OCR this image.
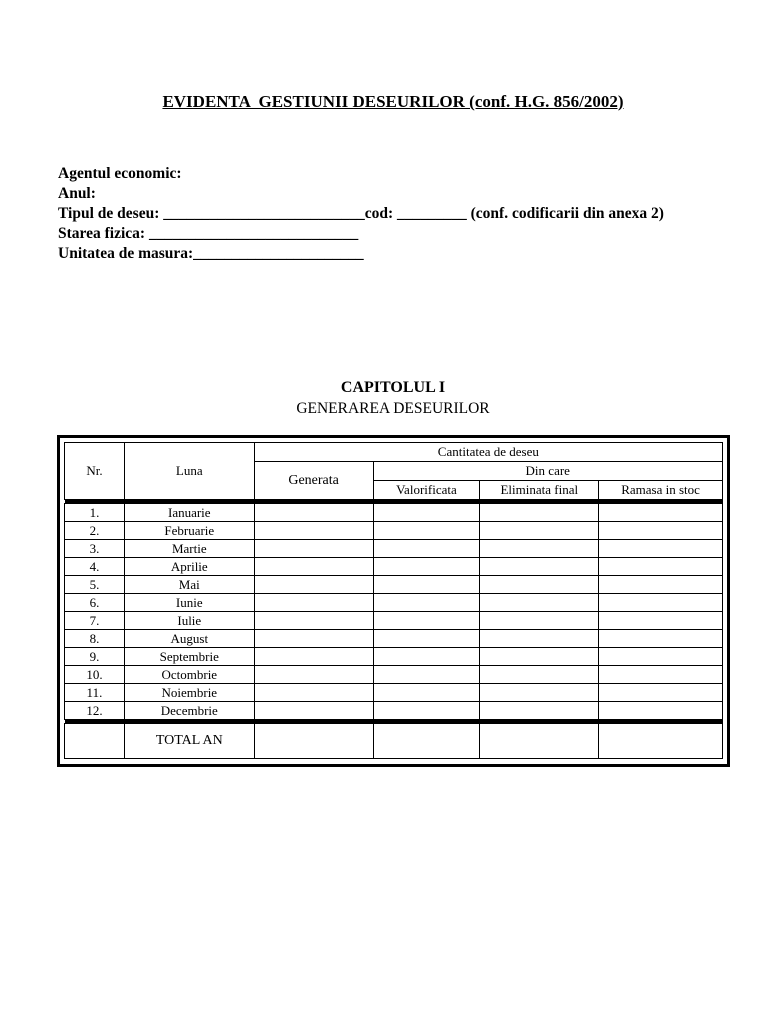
EVIDENTA  GESTIUNII DESEURILOR (conf. H.G. 856/2002)
Agentul economic:
Anul:
Tipul de deseu: __________________________cod: _________ (conf. codificarii din anexa 2)
Starea fizica: ___________________________
Unitatea de masura:______________________
CAPITOLUL I
GENERAREA DESEURILOR
Nr.	Luna	Cantitatea de deseu			
		Generata	Din care		
			Valorificata	Eliminata final	Ramasa in stoc

1.	Ianuarie				
2.	Februarie				
3.	Martie				
4.	Aprilie				
5.	Mai				
6.	Iunie				
7.	Iulie				
8.	August				
9.	Septembrie				
10.	Octombrie				
11.	Noiembrie				
12.	Decembrie				

	TOTAL AN				
